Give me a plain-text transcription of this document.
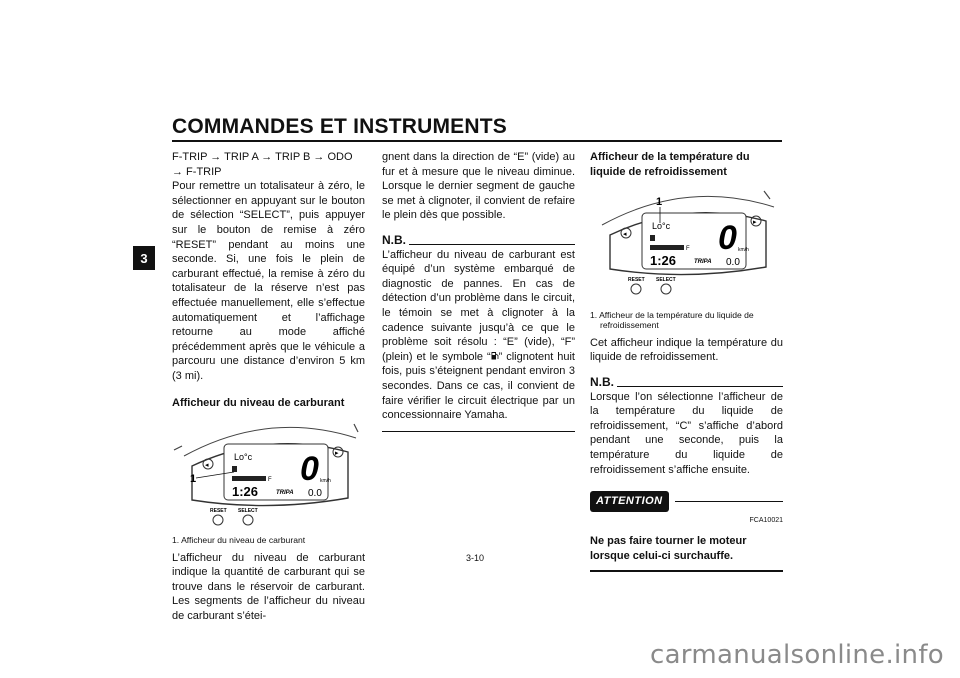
COMMANDES ET INSTRUMENTS
3

F-TRIP → TRIP A → TRIP B → ODO → F-TRIP

Pour remettre un totalisateur à zéro, le sélectionner en appuyant sur le bouton de sélection “SELECT”, puis appuyer sur le bouton de remise à zéro “RESET” pendant au moins une seconde. Si, une fois le plein de carburant effectué, la remise à zéro du totalisateur de la réserve n’est pas effectuée manuellement, elle s’effectue automatiquement et l’affichage retourne au mode affiché précédemment après que le véhicule a parcouru une distance d’environ 5 km (3 mi).

Afficheur du niveau de carburant

◂
▸
Lo°c
F
1:26	TRIPA
0 km/h
0.0
1
RESET SELECT

1. Afficheur du niveau de carburant

L’afficheur du niveau de carburant indique la quantité de carburant qui se trouve dans le réservoir de carburant. Les segments de l’afficheur du niveau de carburant s’étei-

gnent dans la direction de “E” (vide) au fur et à mesure que le niveau diminue. Lorsque le dernier segment de gauche se met à clignoter, il convient de refaire le plein dès que possible.

N.B.

L’afficheur du niveau de carburant est équipé d’un système embarqué de diagnostic de pannes. En cas de détection d’un problème dans le circuit, le témoin se met à clignoter à la cadence suivante jusqu’à ce que le problème soit résolu : “E” (vide), “F” (plein) et le symbole “ ” clignotent huit fois, puis s’éteignent pendant environ 3 secondes. Dans ce cas, il convient de faire vérifier le circuit électrique par un concessionnaire Yamaha.

Afficheur de la température du liquide de refroidissement

◂
▸
Lo°c
F
1:26	TRIPA
0 km/h
0.0
1
RESET SELECT

1. Afficheur de la température du liquide de refroidissement

Cet afficheur indique la température du liquide de refroidissement.

N.B.

Lorsque l’on sélectionne l’afficheur de la température du liquide de refroidissement, “C” s’affiche d’abord pendant une seconde, puis la température du liquide de refroidissement s’affiche ensuite.

ATTENTION

FCA10021

Ne pas faire tourner le moteur lorsque celui-ci surchauffe.

3-10
carmanualsonline.info
